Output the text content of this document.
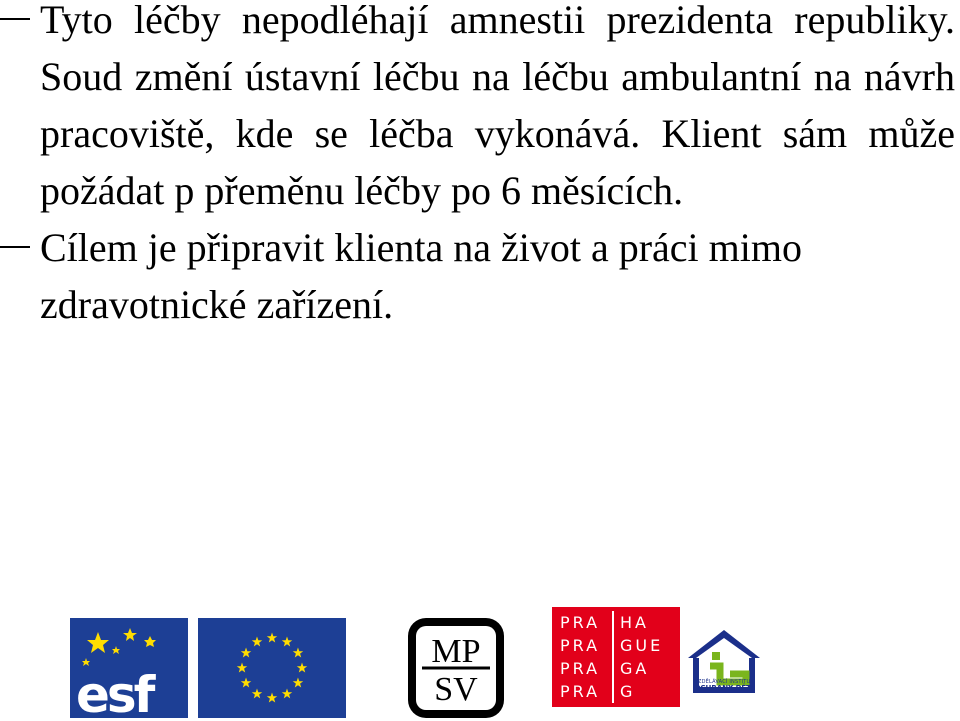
Tyto léčby nepodléhají amnestii prezidenta republiky. Soud změní ústavní léčbu na léčbu ambulantní na návrh pracoviště, kde se léčba vykonává. Klient sám může požádat p přeměnu léčby po 6 měsících.

Cílem je připravit klienta na život a práci mimo zdravotnické zařízení.

esf
MP
SV
PRA	HA
PRA	GUE
PRA	GA
PRA	G	VZDĚLÁVACÍ INSTITUT
OCHRANY DĚTÍ
